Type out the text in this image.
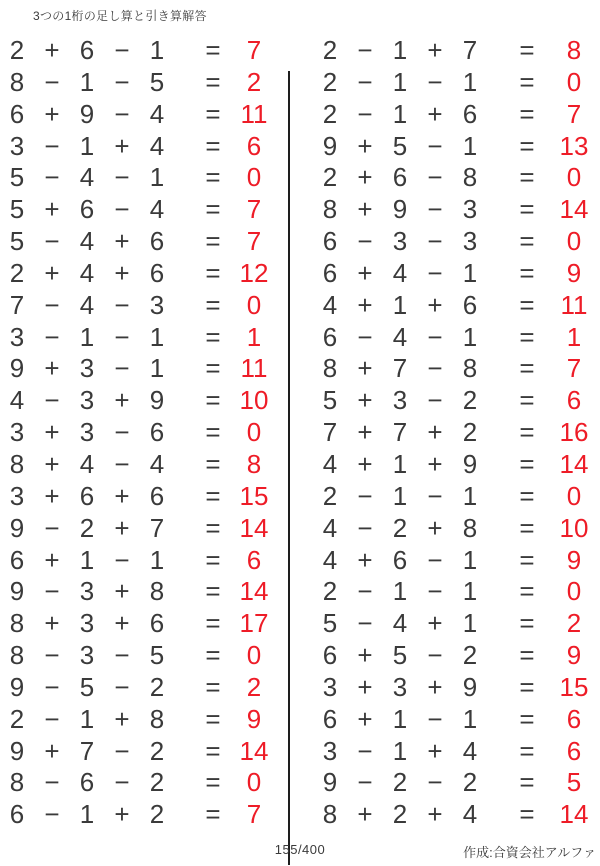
3つの1桁の足し算と引き算解答
2 + 6 − 1 = 7
8 − 1 − 5 = 2
6 + 9 − 4 = 11
3 − 1 + 4 = 6
5 − 4 − 1 = 0
5 + 6 − 4 = 7
5 − 4 + 6 = 7
2 + 4 + 6 = 12
7 − 4 − 3 = 0
3 − 1 − 1 = 1
9 + 3 − 1 = 11
4 − 3 + 9 = 10
3 + 3 − 6 = 0
8 + 4 − 4 = 8
3 + 6 + 6 = 15
9 − 2 + 7 = 14
6 + 1 − 1 = 6
9 − 3 + 8 = 14
8 + 3 + 6 = 17
8 − 3 − 5 = 0
9 − 5 − 2 = 2
2 − 1 + 8 = 9
9 + 7 − 2 = 14
8 − 6 − 2 = 0
6 − 1 + 2 = 7
2 − 1 + 7 = 8
2 − 1 − 1 = 0
2 − 1 + 6 = 7
9 + 5 − 1 = 13
2 + 6 − 8 = 0
8 + 9 − 3 = 14
6 − 3 − 3 = 0
6 + 4 − 1 = 9
4 + 1 + 6 = 11
6 − 4 − 1 = 1
8 + 7 − 8 = 7
5 + 3 − 2 = 6
7 + 7 + 2 = 16
4 + 1 + 9 = 14
2 − 1 − 1 = 0
4 − 2 + 8 = 10
4 + 6 − 1 = 9
2 − 1 − 1 = 0
5 − 4 + 1 = 2
6 + 5 − 2 = 9
3 + 3 + 9 = 15
6 + 1 − 1 = 6
3 − 1 + 4 = 6
9 − 2 − 2 = 5
8 + 2 + 4 = 14
155/400	作成:合資会社アルファ
